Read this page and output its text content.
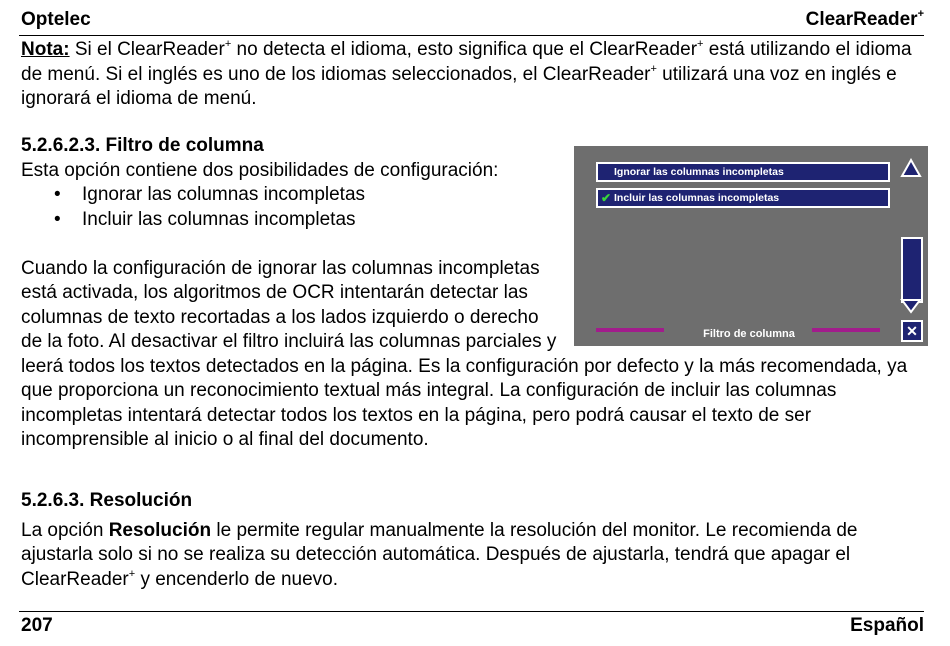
Optelec	ClearReader+

Nota: Si el ClearReader+ no detecta el idioma, esto significa que el ClearReader+ está utilizando el idioma de menú. Si el inglés es uno de los idiomas seleccionados, el ClearReader+ utilizará una voz en inglés e ignorará el idioma de menú.

Ignorar las columnas incompletas
✔ Incluir las columnas incompletas
Filtro de columna	✕
5.2.6.2.3. Filtro de columna

Esta opción contiene dos posibilidades de configuración:

• Ignorar las columnas incompletas
• Incluir las columnas incompletas

Cuando la configuración de ignorar las columnas incompletas está activada, los algoritmos de OCR intentarán detectar las columnas de texto recortadas a los lados izquierdo o derecho de la foto. Al desactivar el filtro incluirá las columnas parciales y leerá todos los textos detectados en la página. Es la configuración por defecto y la más recomendada, ya que proporciona un reconocimiento textual más integral. La configuración de incluir las columnas incompletas intentará detectar todos los textos en la página, pero podrá causar el texto de ser incomprensible al inicio o al final del documento.

5.2.6.3. Resolución

La opción Resolución le permite regular manualmente la resolución del monitor. Le recomienda de ajustarla solo si no se realiza su detección automática. Después de ajustarla, tendrá que apagar el ClearReader+ y encenderlo de nuevo.

207	Español
